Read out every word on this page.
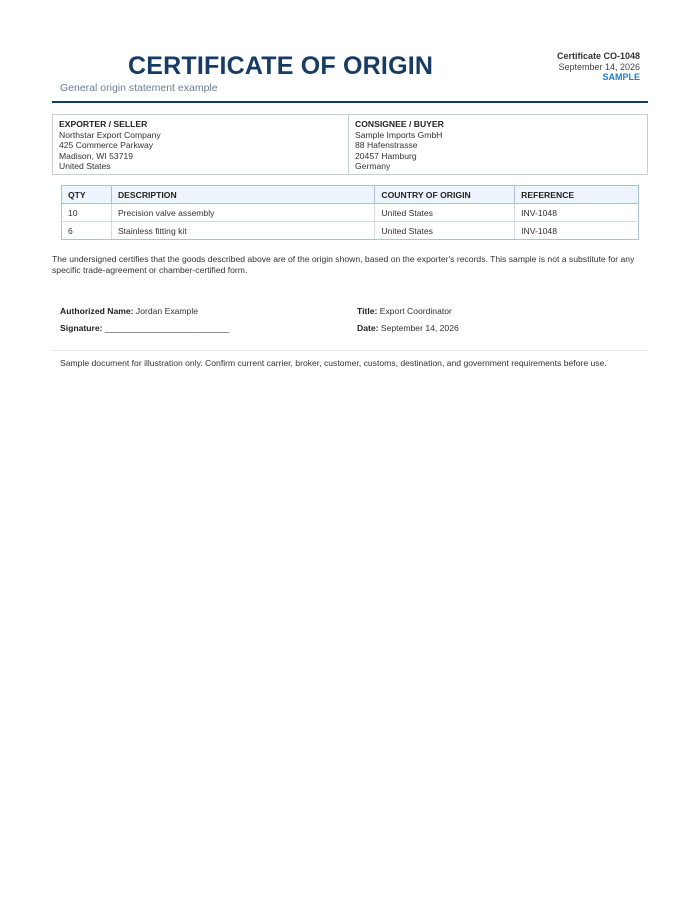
CERTIFICATE OF ORIGIN
General origin statement example
Certificate CO-1048
September 14, 2026
SAMPLE
EXPORTER / SELLER
Northstar Export Company
425 Commerce Parkway
Madison, WI 53719
United States
CONSIGNEE / BUYER
Sample Imports GmbH
88 Hafenstrasse
20457 Hamburg
Germany
QTY	DESCRIPTION	COUNTRY OF ORIGIN	REFERENCE
10	Precision valve assembly	United States	INV-1048
6	Stainless fitting kit	United States	INV-1048
The undersigned certifies that the goods described above are of the origin shown, based on the exporter's records. This sample is not a substitute for any specific trade-agreement or chamber-certified form.
Authorized Name: Jordan Example	Title: Export Coordinator
Signature: __________________________	Date: September 14, 2026
Sample document for illustration only. Confirm current carrier, broker, customer, customs, destination, and government requirements before use.
